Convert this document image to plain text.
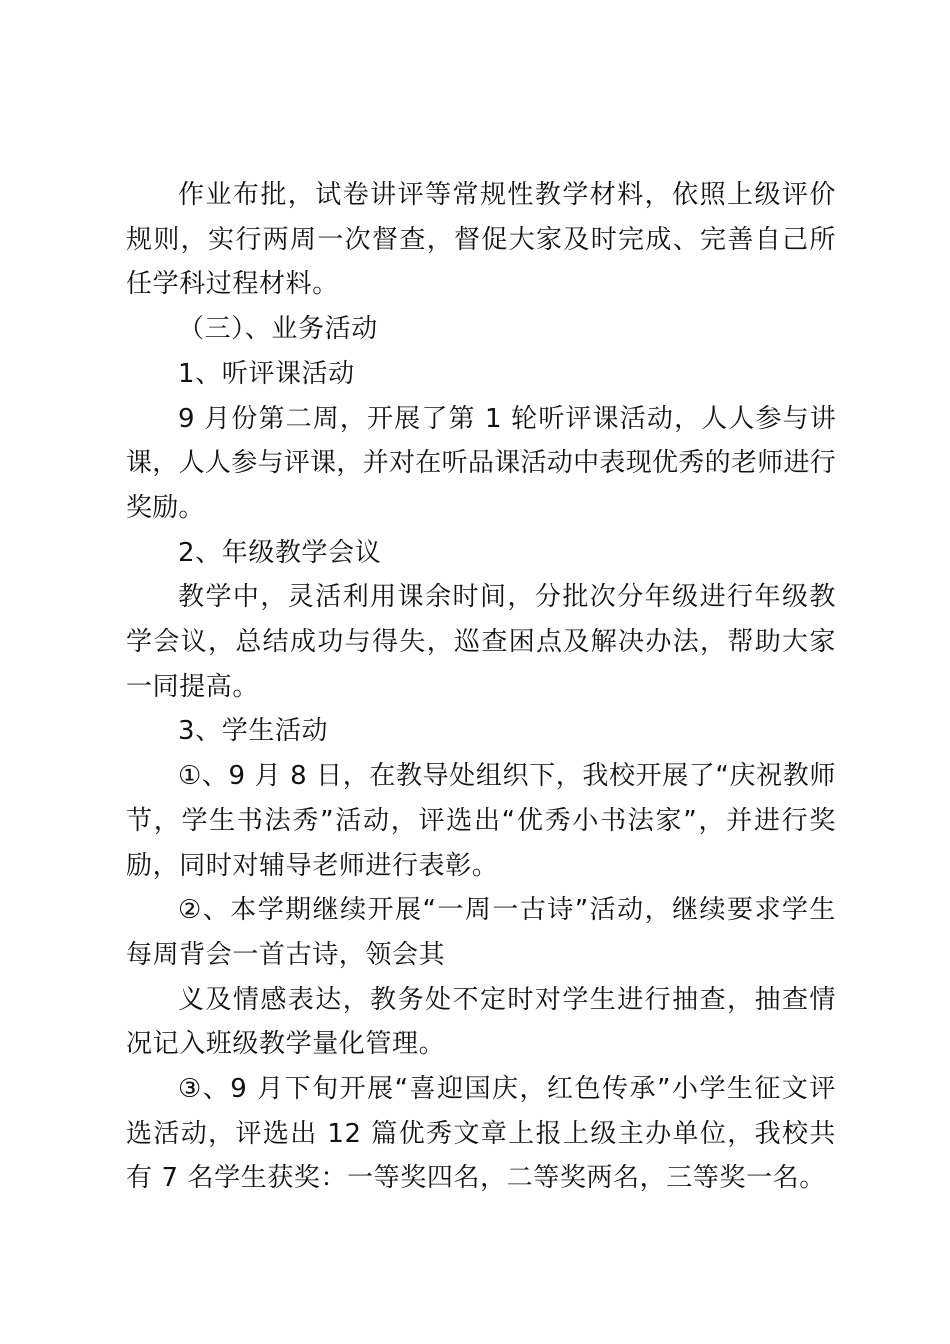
作业布批，试卷讲评等常规性教学材料，依照上级评价规则，实行两周一次督查，督促大家及时完成、完善自己所任学科过程材料。

（三）、业务活动

1、听评课活动

9 月份第二周，开展了第 1 轮听评课活动，人人参与讲课，人人参与评课，并对在听品课活动中表现优秀的老师进行奖励。

2、年级教学会议

教学中，灵活利用课余时间，分批次分年级进行年级教学会议，总结成功与得失，巡查困点及解决办法，帮助大家一同提高。

3、学生活动

①、9 月 8 日，在教导处组织下，我校开展了“庆祝教师节，学生书法秀”活动，评选出“优秀小书法家”，并进行奖励，同时对辅导老师进行表彰。

②、本学期继续开展“一周一古诗”活动，继续要求学生每周背会一首古诗，领会其

义及情感表达，教务处不定时对学生进行抽查，抽查情况记入班级教学量化管理。

③、9 月下旬开展“喜迎国庆，红色传承”小学生征文评选活动，评选出 12 篇优秀文章上报上级主办单位，我校共有 7 名学生获奖：一等奖四名，二等奖两名，三等奖一名。
